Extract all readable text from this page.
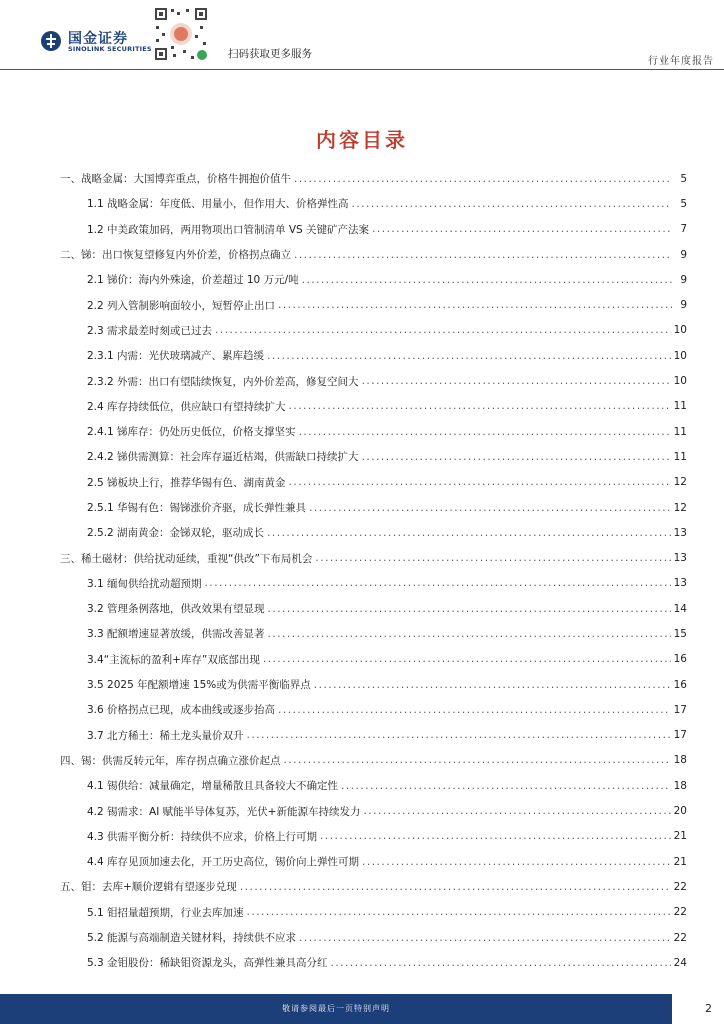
国金证券
SINOLINK SECURITIES	扫码获取更多服务
行业年度报告
内容目录
一、战略金属：大国博弈重点，价格牛拥抱价值牛 .....	5
1.1 战略金属：年度低、用量小，但作用大、价格弹性高 .....	5
1.2 中美政策加码，两用物项出口管制清单 VS 关键矿产法案 .....	7
二、锑：出口恢复望修复内外价差，价格拐点确立 .....	9
2.1 锑价：海内外殊途，价差超过 10 万元/吨 .....	9
2.2 列入管制影响面较小，短暂停止出口 .....	9
2.3 需求最差时刻或已过去 .....	10
2.3.1 内需：光伏玻璃减产、累库趋缓 .....	10
2.3.2 外需：出口有望陆续恢复，内外价差高，修复空间大 .....	10
2.4 库存持续低位，供应缺口有望持续扩大 .....	11
2.4.1 锑库存：仍处历史低位，价格支撑坚实 .....	11
2.4.2 锑供需测算：社会库存逼近枯竭，供需缺口持续扩大 .....	11
2.5 锑板块上行，推荐华锡有色、湖南黄金 .....	12
2.5.1 华锡有色：锡锑涨价齐驱，成长弹性兼具 .....	12
2.5.2 湖南黄金：金锑双轮，驱动成长 .....	13
三、稀土磁材：供给扰动延续，重视“供改”下布局机会 .....	13
3.1 缅甸供给扰动超预期 .....	13
3.2 管理条例落地，供改效果有望显现 .....	14
3.3 配额增速显著放缓，供需改善显著 .....	15
3.4“主流标的盈利+库存”双底部出现 .....	16
3.5 2025 年配额增速 15%或为供需平衡临界点 .....	16
3.6 价格拐点已现，成本曲线或逐步抬高 .....	17
3.7 北方稀土：稀土龙头量价双升 .....	17
四、锡：供需反转元年，库存拐点确立涨价起点 .....	18
4.1 锡供给：减量确定，增量稀散且具备较大不确定性 .....	18
4.2 锡需求：AI 赋能半导体复苏，光伏+新能源车持续发力 .....	20
4.3 供需平衡分析：持续供不应求，价格上行可期 .....	21
4.4 库存见顶加速去化，开工历史高位，锡价向上弹性可期 .....	21
五、钼：去库+顺价逻辑有望逐步兑现 .....	22
5.1 钼招量超预期，行业去库加速 .....	22
5.2 能源与高端制造关键材料，持续供不应求 .....	22
5.3 金钼股份：稀缺钼资源龙头，高弹性兼具高分红 .....	24
敬请参阅最后一页特别声明	2
